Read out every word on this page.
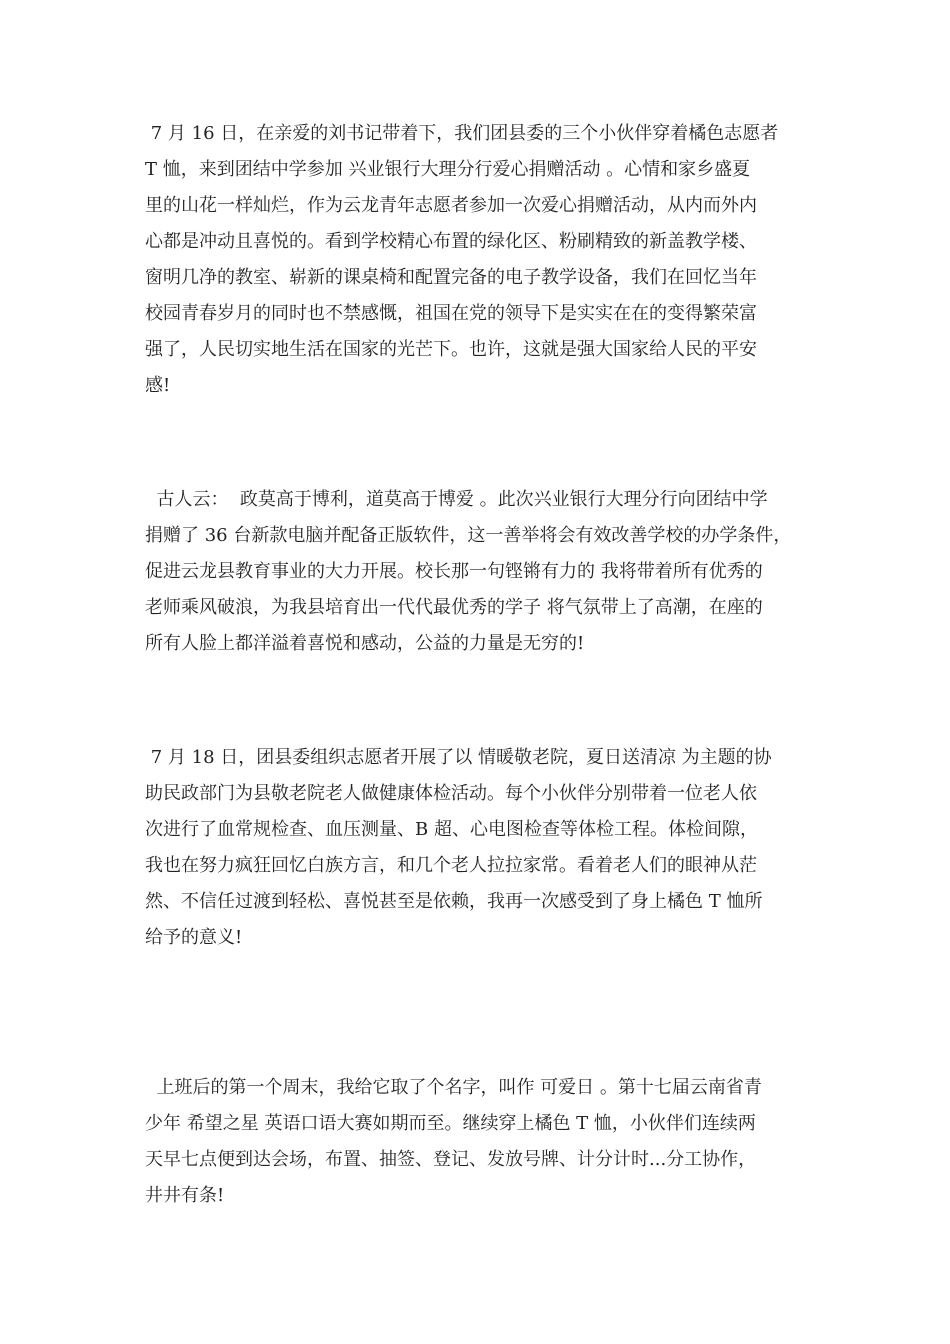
7 月 16 日，在亲爱的刘书记带着下，我们团县委的三个小伙伴穿着橘色志愿者
T 恤，来到团结中学参加 兴业银行大理分行爱心捐赠活动 。心情和家乡盛夏
里的山花一样灿烂，作为云龙青年志愿者参加一次爱心捐赠活动，从内而外内
心都是冲动且喜悦的。看到学校精心布置的绿化区、粉刷精致的新盖教学楼、
窗明几净的教室、崭新的课桌椅和配置完备的电子教学设备，我们在回忆当年
校园青春岁月的同时也不禁感慨，祖国在党的领导下是实实在在的变得繁荣富
强了，人民切实地生活在国家的光芒下。也许，这就是强大国家给人民的平安
感!
古人云：  政莫高于博利，道莫高于博爱 。此次兴业银行大理分行向团结中学
捐赠了 36 台新款电脑并配备正版软件，这一善举将会有效改善学校的办学条件，
促进云龙县教育事业的大力开展。校长那一句铿锵有力的 我将带着所有优秀的
老师乘风破浪，为我县培育出一代代最优秀的学子 将气氛带上了高潮，在座的
所有人脸上都洋溢着喜悦和感动，公益的力量是无穷的!
7 月 18 日，团县委组织志愿者开展了以 情暖敬老院，夏日送清凉 为主题的协
助民政部门为县敬老院老人做健康体检活动。每个小伙伴分别带着一位老人依
次进行了血常规检查、血压测量、B 超、心电图检查等体检工程。体检间隙，
我也在努力疯狂回忆白族方言，和几个老人拉拉家常。看着老人们的眼神从茫
然、不信任过渡到轻松、喜悦甚至是依赖，我再一次感受到了身上橘色 T 恤所
给予的意义!
上班后的第一个周末，我给它取了个名字，叫作 可爱日 。第十七届云南省青
少年 希望之星 英语口语大赛如期而至。继续穿上橘色 T 恤，小伙伴们连续两
天早七点便到达会场，布置、抽签、登记、发放号牌、计分计时...分工协作，
井井有条!
